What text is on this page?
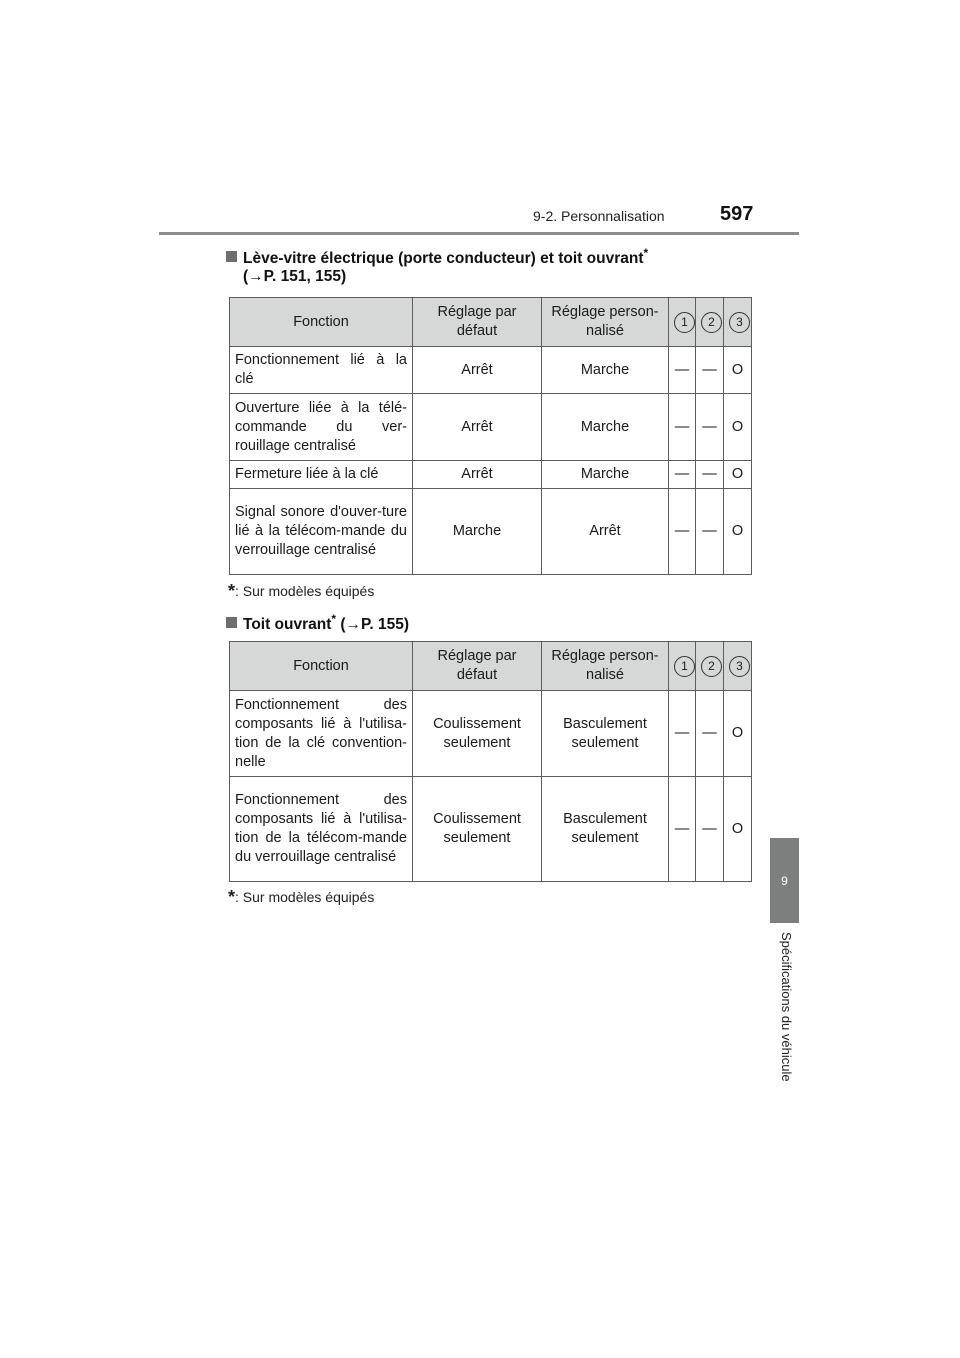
9-2. Personnalisation	597
9
Spécifications du véhicule
Lève-vitre électrique (porte conducteur) et toit ouvrant*
(→P. 151, 155)
Fonction	Réglage par défaut	Réglage person-nalisé	1	2	3
Fonctionnement lié à la clé	Arrêt	Marche	—	—	O
Ouverture liée à la télé-commande du ver-rouillage centralisé	Arrêt	Marche	—	—	O
Fermeture liée à la clé	Arrêt	Marche	—	—	O
Signal sonore d'ouver-ture lié à la télécom-mande du verrouillage centralisé	Marche	Arrêt	—	—	O
*: Sur modèles équipés
Toit ouvrant* (→P. 155)
Fonction	Réglage par défaut	Réglage person-nalisé	1	2	3
Fonctionnement des composants lié à l'utilisa-tion de la clé convention-nelle	Coulissement seulement	Basculement seulement	—	—	O
Fonctionnement des composants lié à l'utilisa-tion de la télécom-mande du verrouillage centralisé	Coulissement seulement	Basculement seulement	—	—	O
*: Sur modèles équipés
